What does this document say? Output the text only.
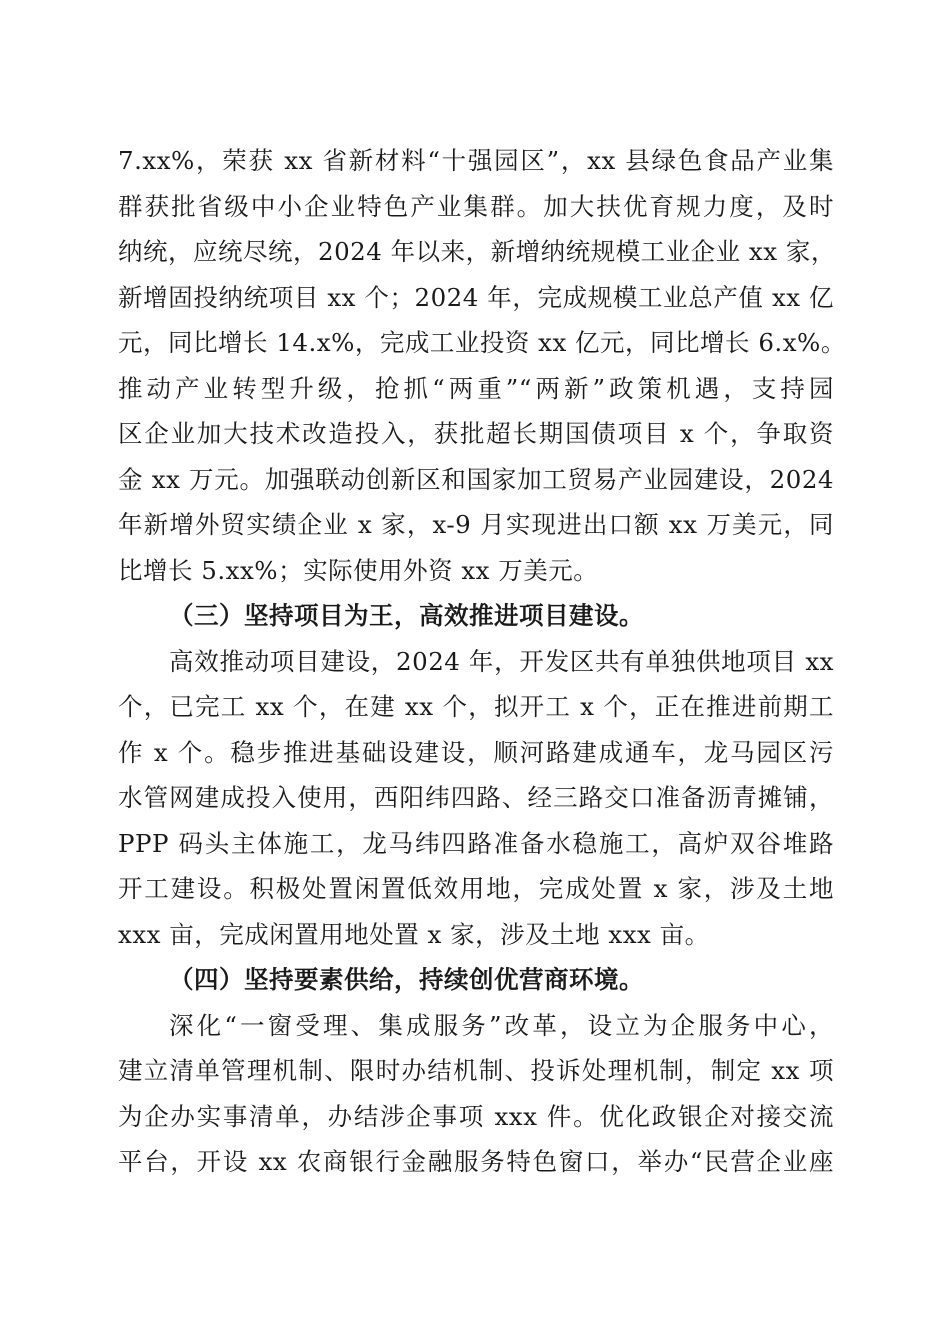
7.xx%，荣获 xx 省新材料“十强园区”，xx 县绿色食品产业集
群获批省级中小企业特色产业集群。加大扶优育规力度，及时
纳统，应统尽统，2024 年以来，新增纳统规模工业企业 xx 家，
新增固投纳统项目 xx 个；2024 年，完成规模工业总产值 xx 亿
元，同比增长 14.x%，完成工业投资 xx 亿元，同比增长 6.x%。
推动产业转型升级，抢抓“两重”“两新”政策机遇，支持园
区企业加大技术改造投入，获批超长期国债项目 x 个，争取资
金 xx 万元。加强联动创新区和国家加工贸易产业园建设，2024
年新增外贸实绩企业 x 家，x-9 月实现进出口额 xx 万美元，同
比增长 5.xx%；实际使用外资 xx 万美元。
（三）坚持项目为王，高效推进项目建设。
高效推动项目建设，2024 年，开发区共有单独供地项目 xx
个，已完工 xx 个，在建 xx 个，拟开工 x 个，正在推进前期工
作 x 个。稳步推进基础设建设，顺河路建成通车，龙马园区污
水管网建成投入使用，西阳纬四路、经三路交口准备沥青摊铺，
PPP 码头主体施工，龙马纬四路准备水稳施工，高炉双谷堆路
开工建设。积极处置闲置低效用地，完成处置 x 家，涉及土地
xxx 亩，完成闲置用地处置 x 家，涉及土地 xxx 亩。
（四）坚持要素供给，持续创优营商环境。
深化“一窗受理、集成服务”改革，设立为企服务中心，
建立清单管理机制、限时办结机制、投诉处理机制，制定 xx 项
为企办实事清单，办结涉企事项 xxx 件。优化政银企对接交流
平台，开设 xx 农商银行金融服务特色窗口，举办“民营企业座
